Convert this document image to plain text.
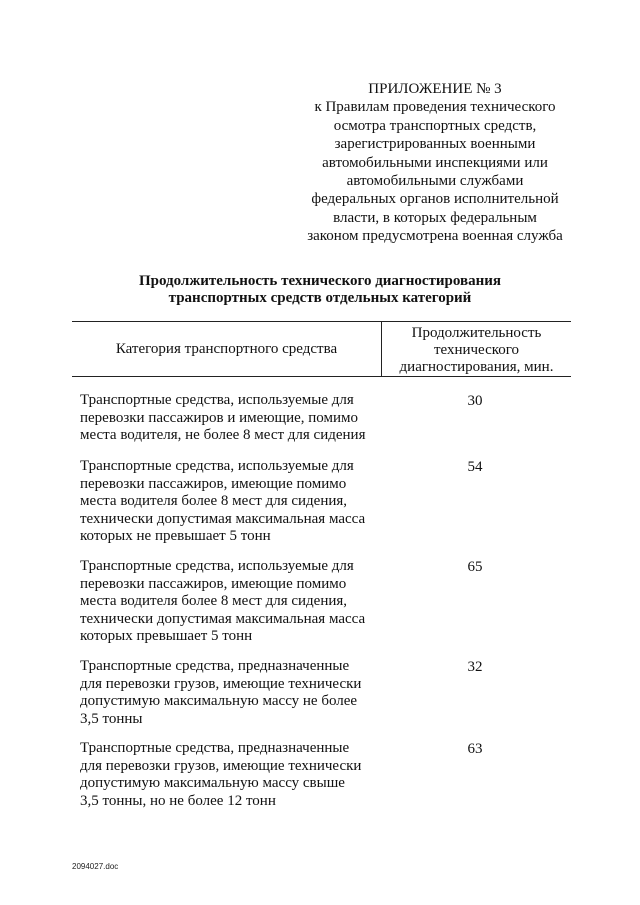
ПРИЛОЖЕНИЕ № 3
к Правилам проведения технического
осмотра транспортных средств,
зарегистрированных военными
автомобильными инспекциями или
автомобильными службами
федеральных органов исполнительной
власти, в которых федеральным
законом предусмотрена военная служба
Продолжительность технического диагностирования
транспортных средств отдельных категорий
Категория транспортного средства
Продолжительность
технического
диагностирования, мин.
Транспортные средства, используемые для
перевозки пассажиров и имеющие, помимо
места водителя, не более 8 мест для сидения
30
Транспортные средства, используемые для
перевозки пассажиров, имеющие помимо
места водителя более 8 мест для сидения,
технически допустимая максимальная масса
которых не превышает 5 тонн
54
Транспортные средства, используемые для
перевозки пассажиров, имеющие помимо
места водителя более 8 мест для сидения,
технически допустимая максимальная масса
которых превышает 5 тонн
65
Транспортные средства, предназначенные
для перевозки грузов, имеющие технически
допустимую максимальную массу не более
3,5 тонны
32
Транспортные средства, предназначенные
для перевозки грузов, имеющие технически
допустимую максимальную массу свыше
3,5 тонны, но не более 12 тонн
63
2094027.doc
